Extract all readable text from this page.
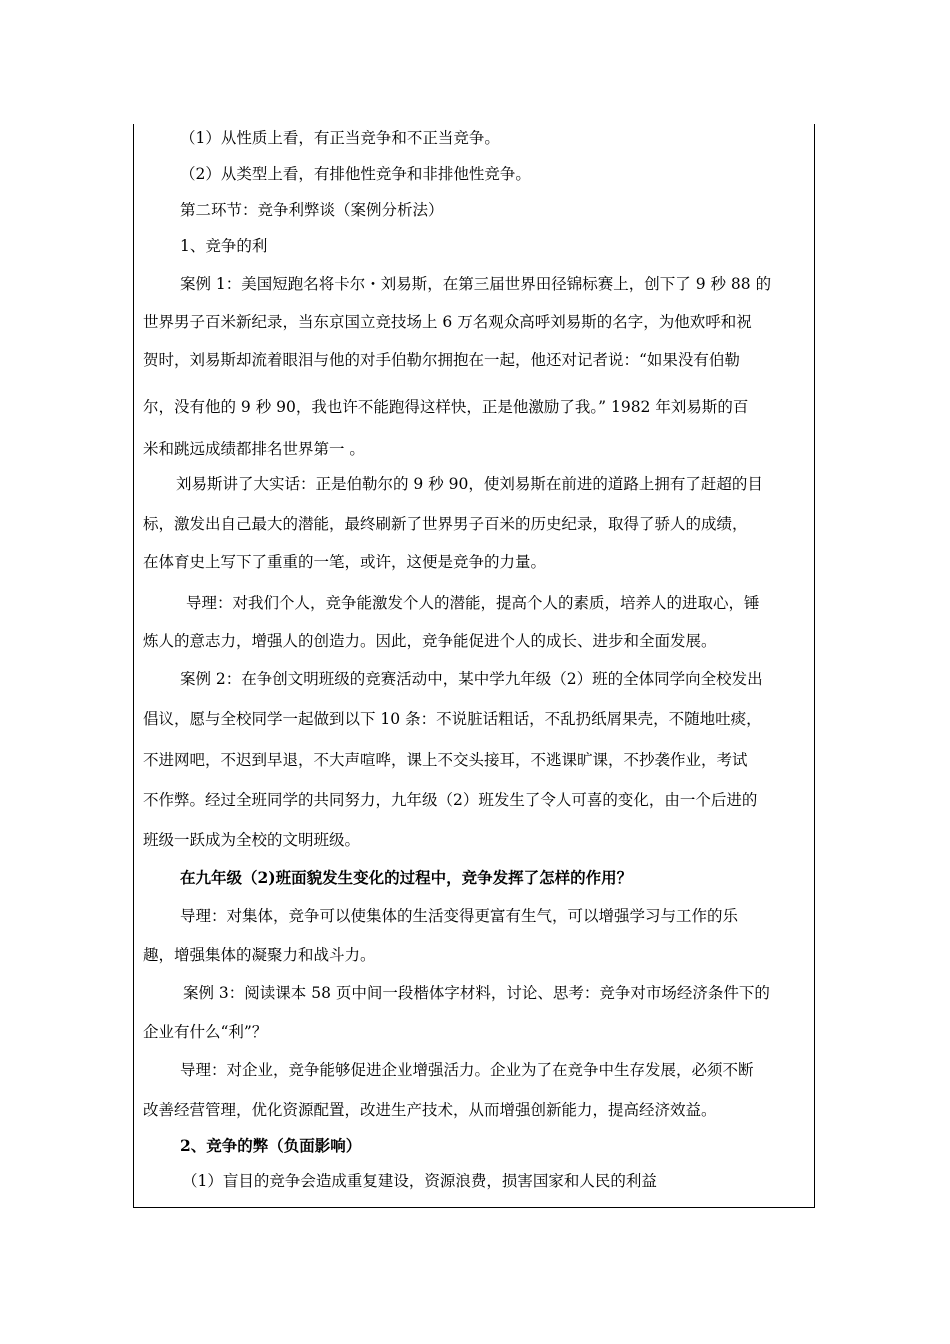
（1）从性质上看，有正当竞争和不正当竞争。
（2）从类型上看，有排他性竞争和非排他性竞争。
第二环节：竞争利弊谈（案例分析法）
1、竞争的利
案例 1：美国短跑名将卡尔・刘易斯，在第三届世界田径锦标赛上，创下了 9 秒 88 的
世界男子百米新纪录，当东京国立竞技场上 6 万名观众高呼刘易斯的名字，为他欢呼和祝
贺时，刘易斯却流着眼泪与他的对手伯勒尔拥抱在一起，他还对记者说：“如果没有伯勒
尔，没有他的 9 秒 90，我也许不能跑得这样快，正是他激励了我。” 1982 年刘易斯的百
米和跳远成绩都排名世界第一 。
刘易斯讲了大实话：正是伯勒尔的 9 秒 90，使刘易斯在前进的道路上拥有了赶超的目
标，激发出自己最大的潜能，最终刷新了世界男子百米的历史纪录，取得了骄人的成绩，
在体育史上写下了重重的一笔，或许，这便是竞争的力量。
导理：对我们个人，竞争能激发个人的潜能，提高个人的素质，培养人的进取心，锤
炼人的意志力，增强人的创造力。因此，竞争能促进个人的成长、进步和全面发展。
案例 2：在争创文明班级的竞赛活动中，某中学九年级（2）班的全体同学向全校发出
倡议，愿与全校同学一起做到以下 10 条：不说脏话粗话，不乱扔纸屑果壳，不随地吐痰，
不进网吧，不迟到早退，不大声喧哗，课上不交头接耳，不逃课旷课，不抄袭作业，考试
不作弊。经过全班同学的共同努力，九年级（2）班发生了令人可喜的变化，由一个后进的
班级一跃成为全校的文明班级。
在九年级（2)班面貌发生变化的过程中，竞争发挥了怎样的作用？
导理：对集体，竞争可以使集体的生活变得更富有生气，可以增强学习与工作的乐
趣，增强集体的凝聚力和战斗力。
案例 3：阅读课本 58 页中间一段楷体字材料，讨论、思考：竞争对市场经济条件下的
企业有什么“利”？
导理：对企业，竞争能够促进企业增强活力。企业为了在竞争中生存发展，必须不断
改善经营管理，优化资源配置，改进生产技术，从而增强创新能力，提高经济效益。
2、竞争的弊（负面影响）
（1）盲目的竞争会造成重复建设，资源浪费，损害国家和人民的利益
